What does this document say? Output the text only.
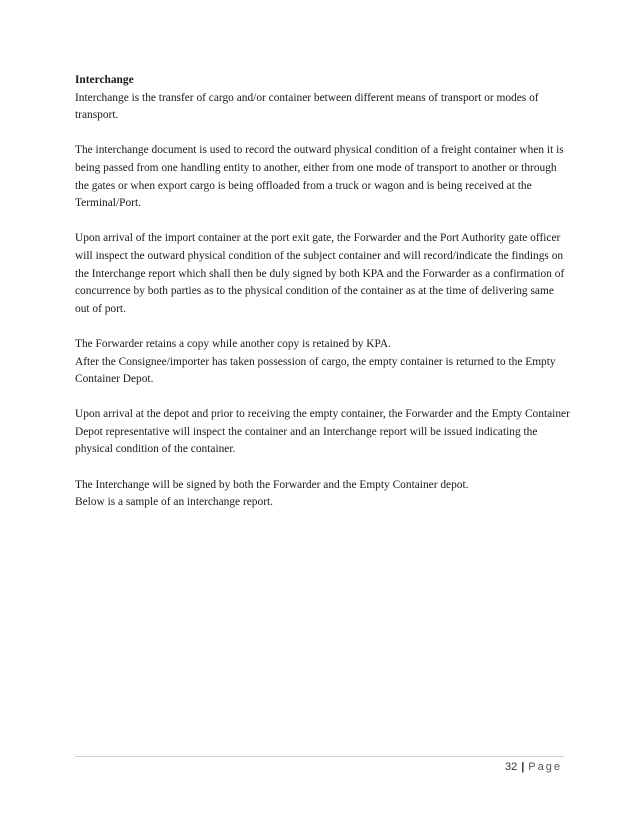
Interchange

Interchange is the transfer of cargo and/or container between different means of transport or modes of transport.

The interchange document is used to record the outward physical condition of a freight container when it is being passed from one handling entity to another, either from one mode of transport to another or through the gates or when export cargo is being offloaded from a truck or wagon and is being received at the Terminal/Port.

Upon arrival of the import container at the port exit gate, the Forwarder and the Port Authority gate officer will inspect the outward physical condition of the subject container and will record/indicate the findings on the Interchange report which shall then be duly signed by both KPA and the Forwarder as a confirmation of concurrence by both parties as to the physical condition of the container as at the time of delivering same out of port.

The Forwarder retains a copy while another copy is retained by KPA.

After the Consignee/importer has taken possession of cargo, the empty container is returned to the Empty Container Depot.

Upon arrival at the depot and prior to receiving the empty container, the Forwarder and the Empty Container Depot representative will inspect the container and an Interchange report will be issued indicating the physical condition of the container.

The Interchange will be signed by both the Forwarder and the Empty Container depot.

Below is a sample of an interchange report.

32 | Page
